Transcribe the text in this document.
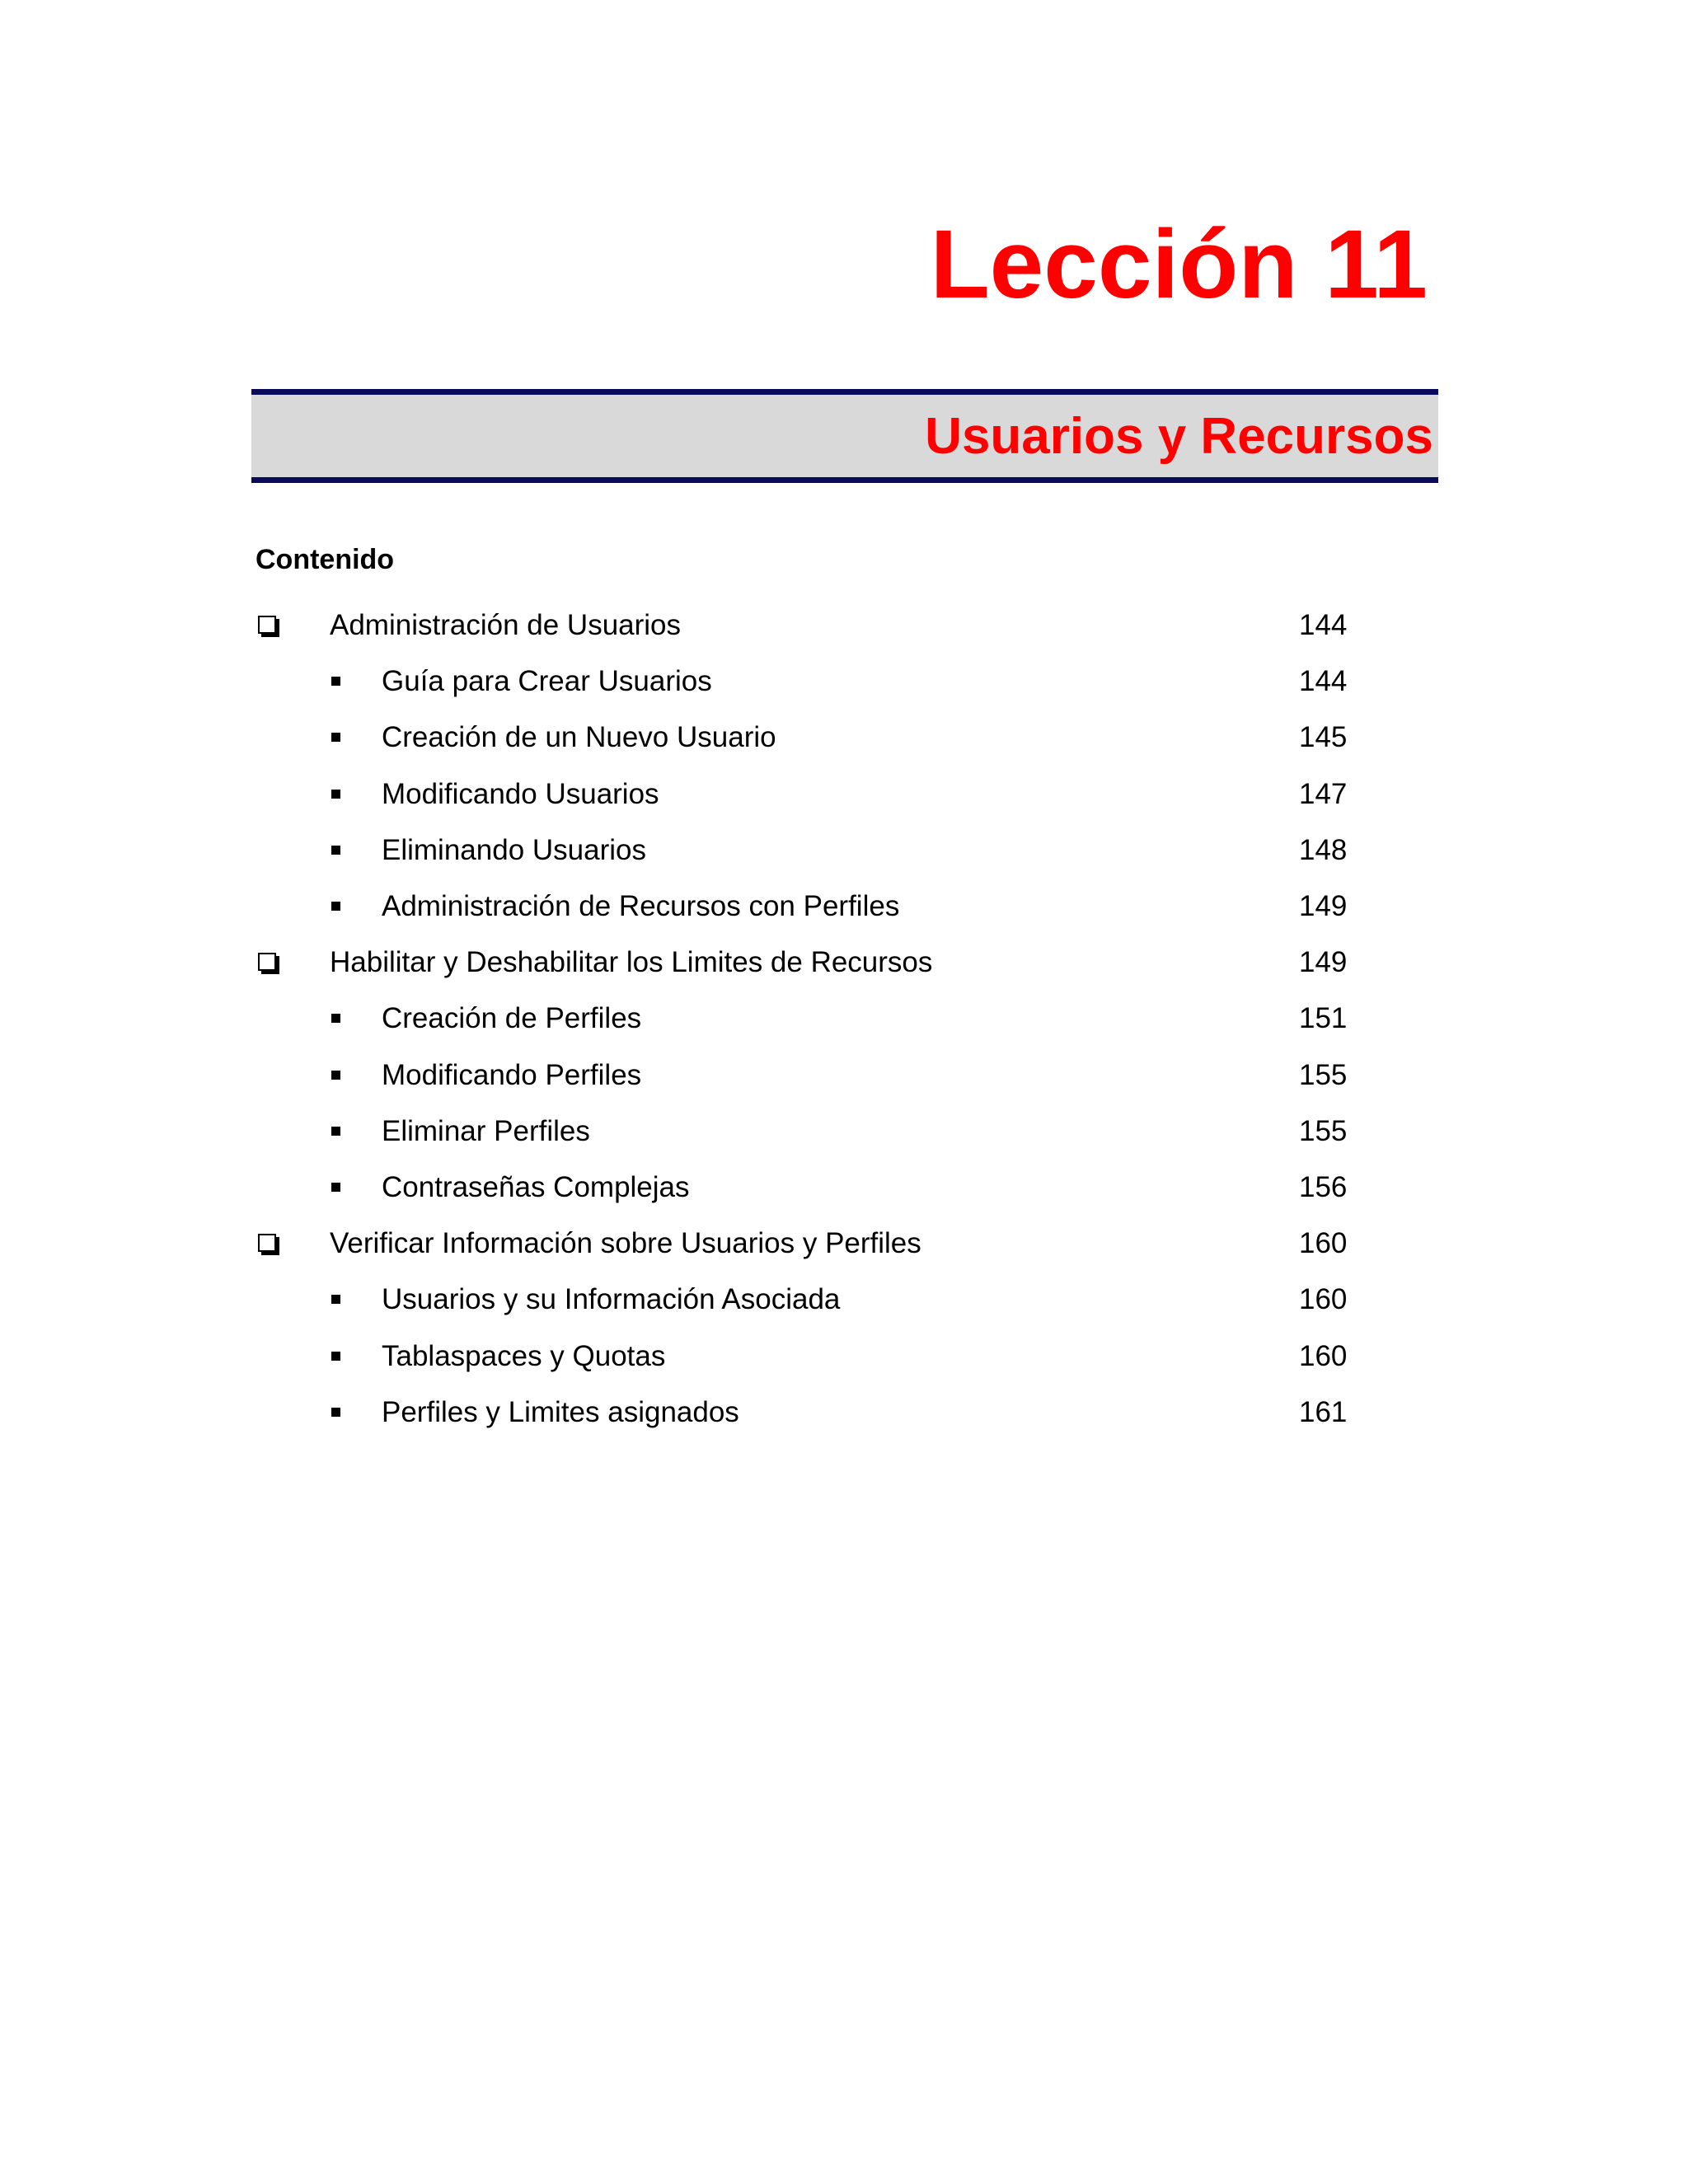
Lección 11
Usuarios y Recursos
Contenido
Administración de Usuarios	144
Guía para Crear Usuarios	144
Creación de un Nuevo Usuario	145
Modificando Usuarios	147
Eliminando Usuarios	148
Administración de Recursos con Perfiles	149
Habilitar y Deshabilitar los Limites de Recursos	149
Creación de Perfiles	151
Modificando Perfiles	155
Eliminar Perfiles	155
Contraseñas Complejas	156
Verificar Información sobre Usuarios y Perfiles	160
Usuarios y su Información Asociada	160
Tablaspaces y Quotas	160
Perfiles y Limites asignados	161
